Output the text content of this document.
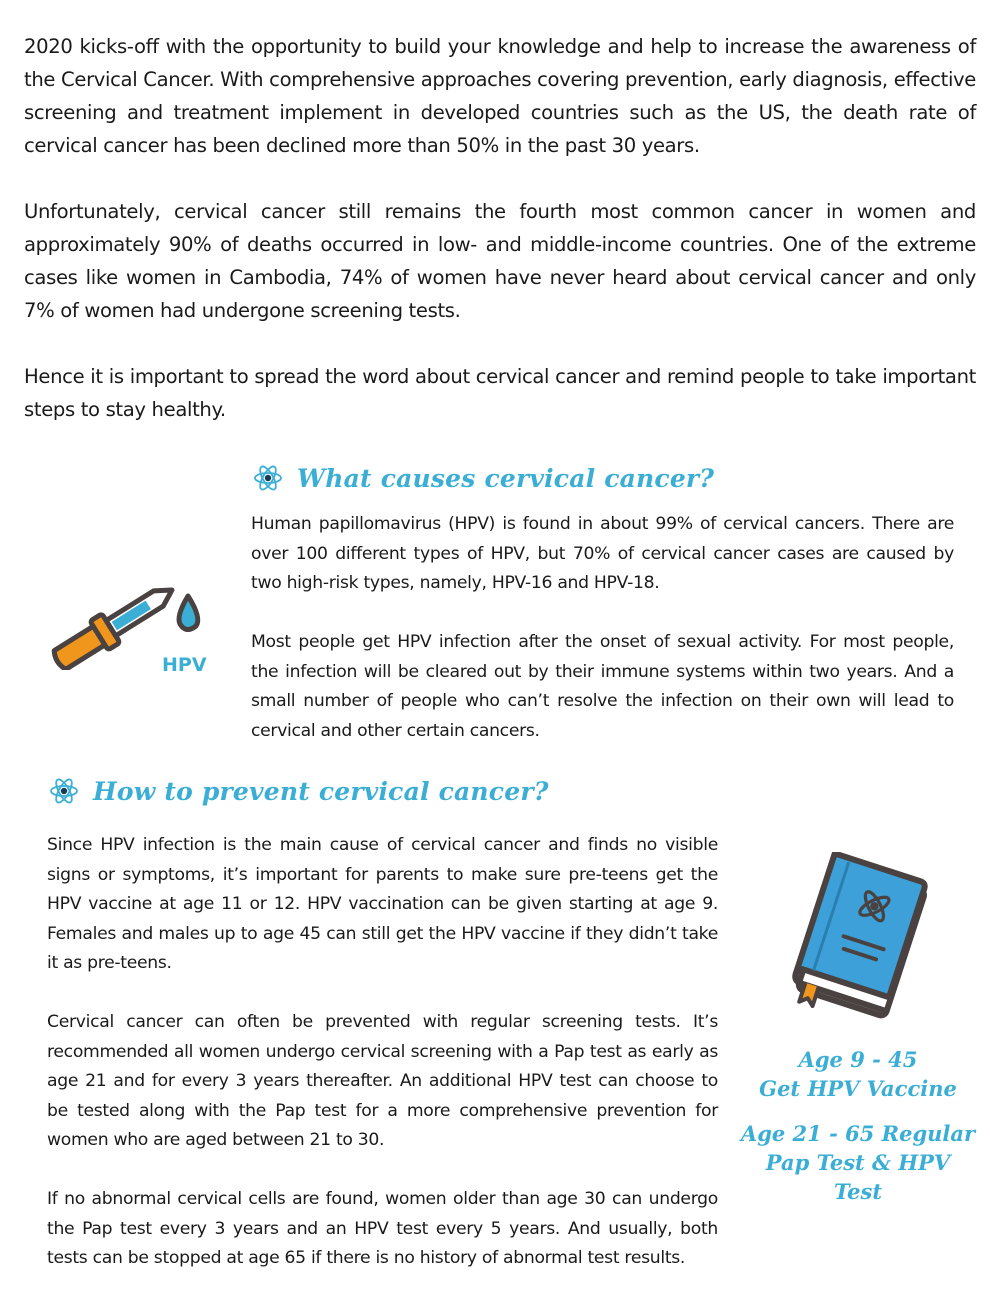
2020 kicks-off with the opportunity to build your knowledge and help to increase the awareness of the Cervical Cancer. With comprehensive approaches covering prevention, early diagnosis, effective screening and treatment implement in developed countries such as the US, the death rate of cervical cancer has been declined more than 50% in the past 30 years.

Unfortunately, cervical cancer still remains the fourth most common cancer in women and approximately 90% of deaths occurred in low- and middle-income countries. One of the extreme cases like women in Cambodia, 74% of women have never heard about cervical cancer and only 7% of women had undergone screening tests.

Hence it is important to spread the word about cervical cancer and remind people to take important steps to stay healthy.

What causes cervical cancer?
HPV

Human papillomavirus (HPV) is found in about 99% of cervical cancers. There are over 100 different types of HPV, but 70% of cervical cancer cases are caused by two high-risk types, namely, HPV-16 and HPV-18.

Most people get HPV infection after the onset of sexual activity. For most people, the infection will be cleared out by their immune systems within two years. And a small number of people who can’t resolve the infection on their own will lead to cervical and other certain cancers.

How to prevent cervical cancer?

Since HPV infection is the main cause of cervical cancer and finds no visible signs or symptoms, it’s important for parents to make sure pre-teens get the HPV vaccine at age 11 or 12. HPV vaccination can be given starting at age 9. Females and males up to age 45 can still get the HPV vaccine if they didn’t take it as pre-teens.

Cervical cancer can often be prevented with regular screening tests. It’s recommended all women undergo cervical screening with a Pap test as early as age 21 and for every 3 years thereafter. An additional HPV test can choose to be tested along with the Pap test for a more comprehensive prevention for women who are aged between 21 to 30.

If no abnormal cervical cells are found, women older than age 30 can undergo the Pap test every 3 years and an HPV test every 5 years. And usually, both tests can be stopped at age 65 if there is no history of abnormal test results.

Age 9 - 45
Get HPV Vaccine
Age 21 - 65 Regular
Pap Test & HPV Test
